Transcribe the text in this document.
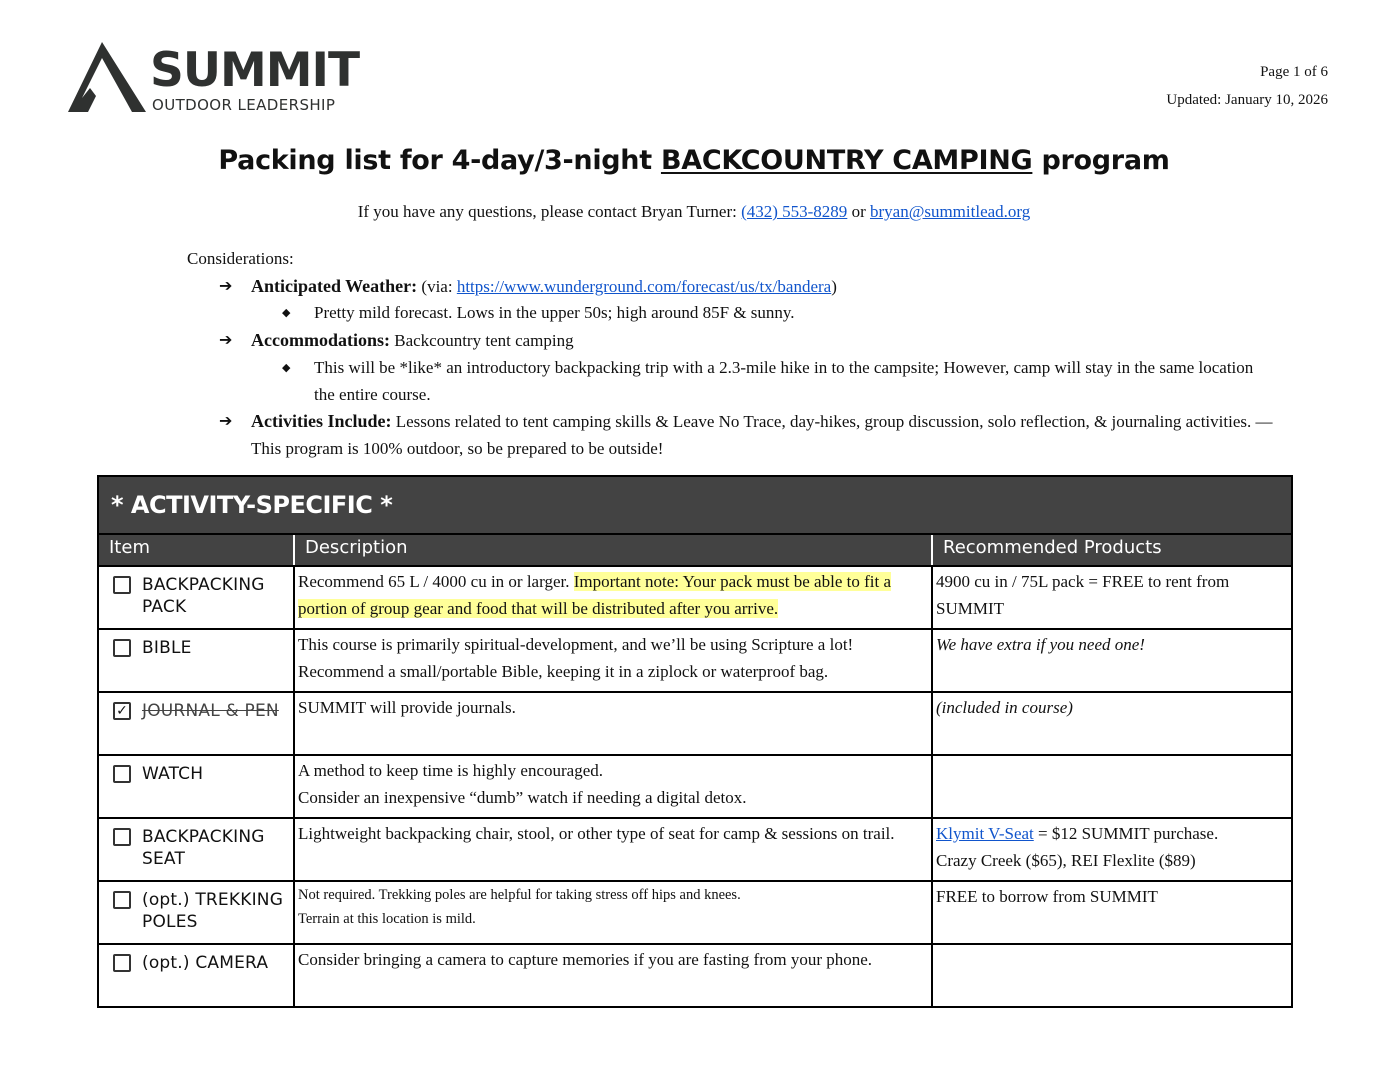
SUMMIT
OUTDOOR LEADERSHIP
Page 1 of 6
Updated: January 10, 2026
Packing list for 4-day/3-night BACKCOUNTRY CAMPING program
If you have any questions, please contact Bryan Turner: (432) 553-8289 or bryan@summitlead.org
Considerations:
➔ Anticipated Weather: (via: https://www.wunderground.com/forecast/us/tx/bandera)
◆ Pretty mild forecast. Lows in the upper 50s; high around 85F & sunny.
➔ Accommodations: Backcountry tent camping
◆ This will be *like* an introductory backpacking trip with a 2.3-mile hike in to the campsite; However, camp will stay in the same location the entire course.
➔ Activities Include: Lessons related to tent camping skills & Leave No Trace, day-hikes, group discussion, solo reflection, & journaling activities. — This program is 100% outdoor, so be prepared to be outside!
* ACTIVITY-SPECIFIC *		
Item	Description	Recommended Products

BACKPACKING PACK	Recommend 65 L / 4000 cu in or larger. Important note: Your pack must be able to fit a portion of group gear and food that will be distributed after you arrive.	4900 cu in / 75L pack = FREE to rent from SUMMIT

BIBLE	This course is primarily spiritual-development, and we’ll be using Scripture a lot!
Recommend a small/portable Bible, keeping it in a ziplock or waterproof bag.	We have extra if you need one!

✓ JOURNAL & PEN	SUMMIT will provide journals.	(included in course)

WATCH	A method to keep time is highly encouraged.
Consider an inexpensive “dumb” watch if needing a digital detox.	

BACKPACKING SEAT	Lightweight backpacking chair, stool, or other type of seat for camp & sessions on trail.	Klymit V-Seat = $12 SUMMIT purchase.
Crazy Creek ($65), REI Flexlite ($89)

(opt.) TREKKING POLES	Not required. Trekking poles are helpful for taking stress off hips and knees.
Terrain at this location is mild.	FREE to borrow from SUMMIT

(opt.) CAMERA	Consider bringing a camera to capture memories if you are fasting from your phone.	
